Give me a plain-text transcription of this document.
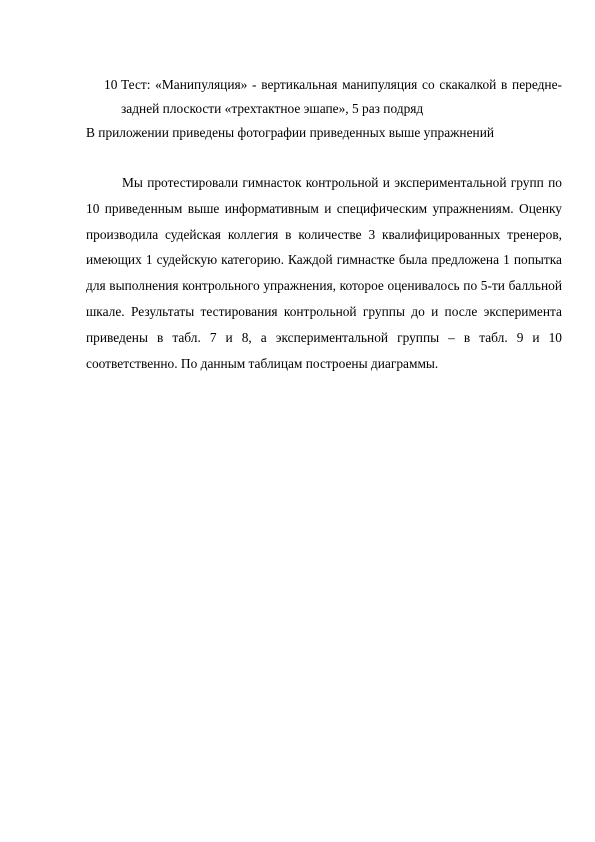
10 Тест: «Манипуляция» - вертикальная манипуляция со скакалкой в передне-задней плоскости «трехтактное эшапе», 5 раз подряд
В приложении приведены фотографии приведенных выше упражнений

Мы протестировали гимнасток контрольной и экспериментальной групп по 10 приведенным выше информативным и специфическим упражнениям. Оценку производила судейская коллегия в количестве 3 квалифицированных тренеров, имеющих 1 судейскую категорию. Каждой гимнастке была предложена 1 попытка для выполнения контрольного упражнения, которое оценивалось по 5-ти балльной шкале. Результаты тестирования контрольной группы до и после эксперимента приведены в табл. 7 и 8, а экспериментальной группы – в табл. 9 и 10 соответственно. По данным таблицам построены диаграммы.
